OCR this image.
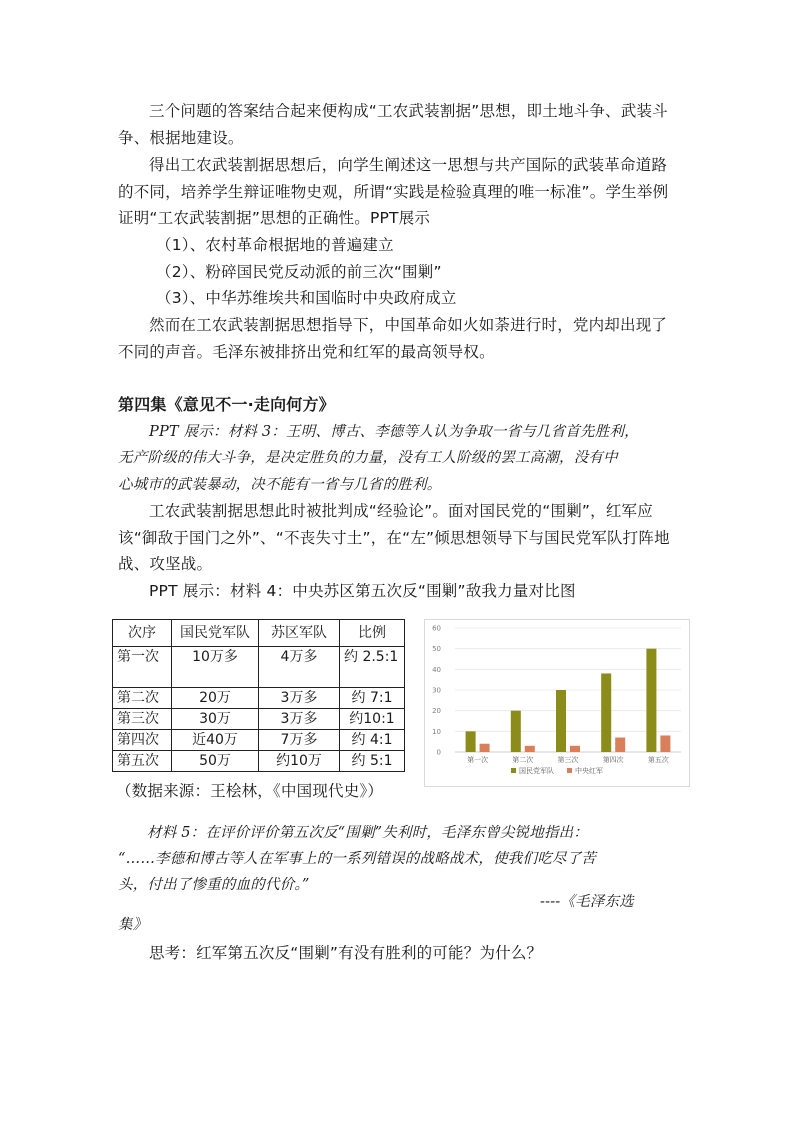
三个问题的答案结合起来便构成“工农武装割据”思想，即土地斗争、武装斗争、根据地建设。
得出工农武装割据思想后，向学生阐述这一思想与共产国际的武装革命道路的不同，培养学生辩证唯物史观，所谓“实践是检验真理的唯一标准”。学生举例证明“工农武装割据”思想的正确性。PPT展示
（1）、农村革命根据地的普遍建立
（2）、粉碎国民党反动派的前三次“围剿”
（3）、中华苏维埃共和国临时中央政府成立
然而在工农武装割据思想指导下，中国革命如火如荼进行时，党内却出现了不同的声音。毛泽东被排挤出党和红军的最高领导权。
第四集《意见不一·走向何方》
PPT 展示：材料 3：王明、博古、李德等人认为争取一省与几省首先胜利，
无产阶级的伟大斗争，是决定胜负的力量，没有工人阶级的罢工高潮，没有中
心城市的武装暴动，决不能有一省与几省的胜利。
工农武装割据思想此时被批判成“经验论”。面对国民党的“围剿”，红军应该“御敌于国门之外”、“不丧失寸土”，在“左”倾思想领导下与国民党军队打阵地战、攻坚战。
PPT 展示：材料 4：中央苏区第五次反“围剿”敌我力量对比图
次序	国民党军队	苏区军队	比例
第一次	10万多	4万多	约 2.5:1
第二次	20万	3万多	约 7:1
第三次	30万	3万多	约10:1
第四次	近40万	7万多	约 4:1
第五次	50万	约10万	约 5:1
0
10
20
30
40
50
60
第一次	第二次	第三次	第四次	第五次
国民党军队	中央红军
（数据来源：王桧林，《中国现代史》）
材料 5：在评价评价第五次反“围剿”失利时，毛泽东曾尖锐地指出：
“……李德和博古等人在军事上的一系列错误的战略战术，使我们吃尽了苦
头，付出了惨重的血的代价。”
----《毛泽东选
集》
思考：红军第五次反“围剿”有没有胜利的可能？为什么？
